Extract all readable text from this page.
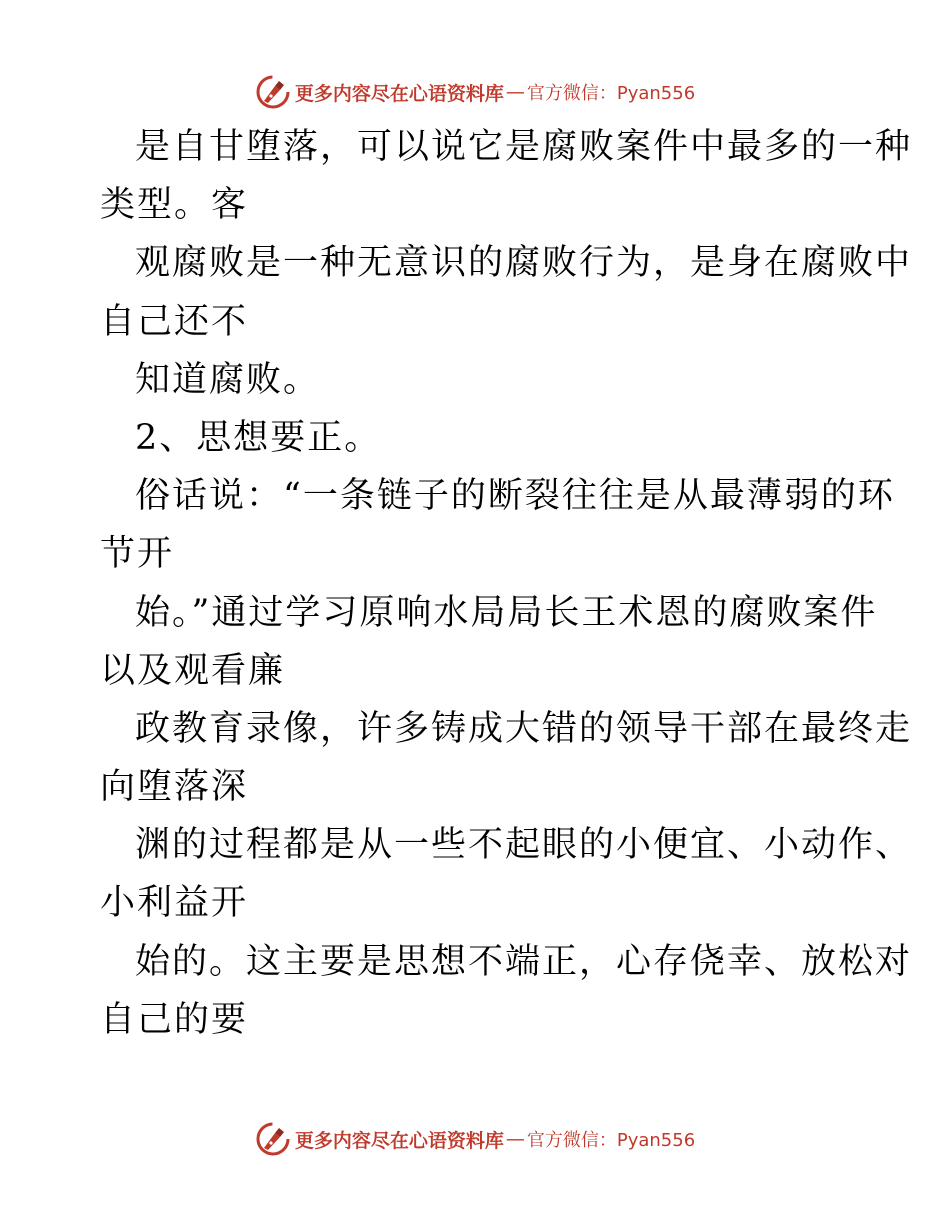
更多内容尽在心语资料库 — 官方微信：Pyan556
是自甘堕落，可以说它是腐败案件中最多的一种
类型。客
观腐败是一种无意识的腐败行为，是身在腐败中
自己还不
知道腐败。
2、思想要正。
俗话说：“一条链子的断裂往往是从最薄弱的环
节开
始。”通过学习原响水局局长王术恩的腐败案件
以及观看廉
政教育录像，许多铸成大错的领导干部在最终走
向堕落深
渊的过程都是从一些不起眼的小便宜、小动作、
小利益开
始的。这主要是思想不端正，心存侥幸、放松对
自己的要
更多内容尽在心语资料库 — 官方微信：Pyan556
